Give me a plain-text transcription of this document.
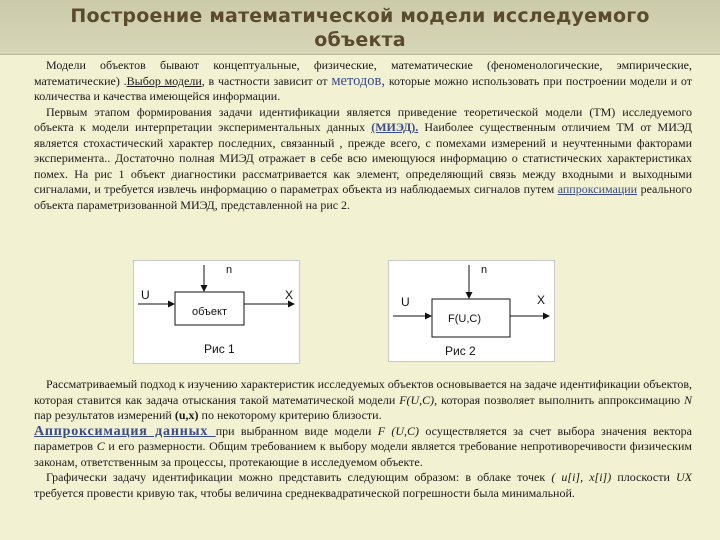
Построение математической модели исследуемого
объекта

Модели объектов бывают концептуальные, физические, математические (феноменологические, эмпирические, математические) .Выбор модели, в частности зависит от методов, которые можно использовать при построении модели и от количества и качества имеющейся информации.

Первым этапом формирования задачи идентификации является приведение теоретической модели (ТМ) исследуемого объекта к модели интерпретации экспериментальных данных (МИЭД). Наиболее существенным отличием ТМ от МИЭД является стохастический характер последних, связанный , прежде всего, с помехами измерений и неучтенными факторами эксперимента.. Достаточно полная МИЭД отражает в себе всю имеющуюся информацию о статистических характеристиках помех. На рис 1 объект диагностики рассматривается как элемент, определяющий связь между входными и выходными сигналами, и требуется извлечь информацию о параметрах объекта из наблюдаемых сигналов путем аппроксимации реального объекта параметризованной МИЭД, представленной на рис 2.

n
U	X
объект
Рис 1
n
U	X
F(U,C)
Рис 2

Рассматриваемый подход к изучению характеристик исследуемых объектов основывается на задаче идентификации объектов, которая ставится как задача отыскания такой математической модели F(U,C), которая позволяет выполнить аппроксимацию N пар результатов измерений (u,x) по некоторому критерию близости.
Аппроксимация данных при выбранном виде модели F (U,C) осуществляется за счет выбора значения вектора параметров C и его размерности. Общим требованием к выбору модели является требование непротиворечивости физическим законам, ответственным за процессы, протекающие в исследуемом объекте.

Графически задачу идентификации можно представить следующим образом: в облаке точек ( u[i], x[i]) плоскости UX требуется провести кривую так, чтобы величина среднеквадратической погрешности была минимальной.
